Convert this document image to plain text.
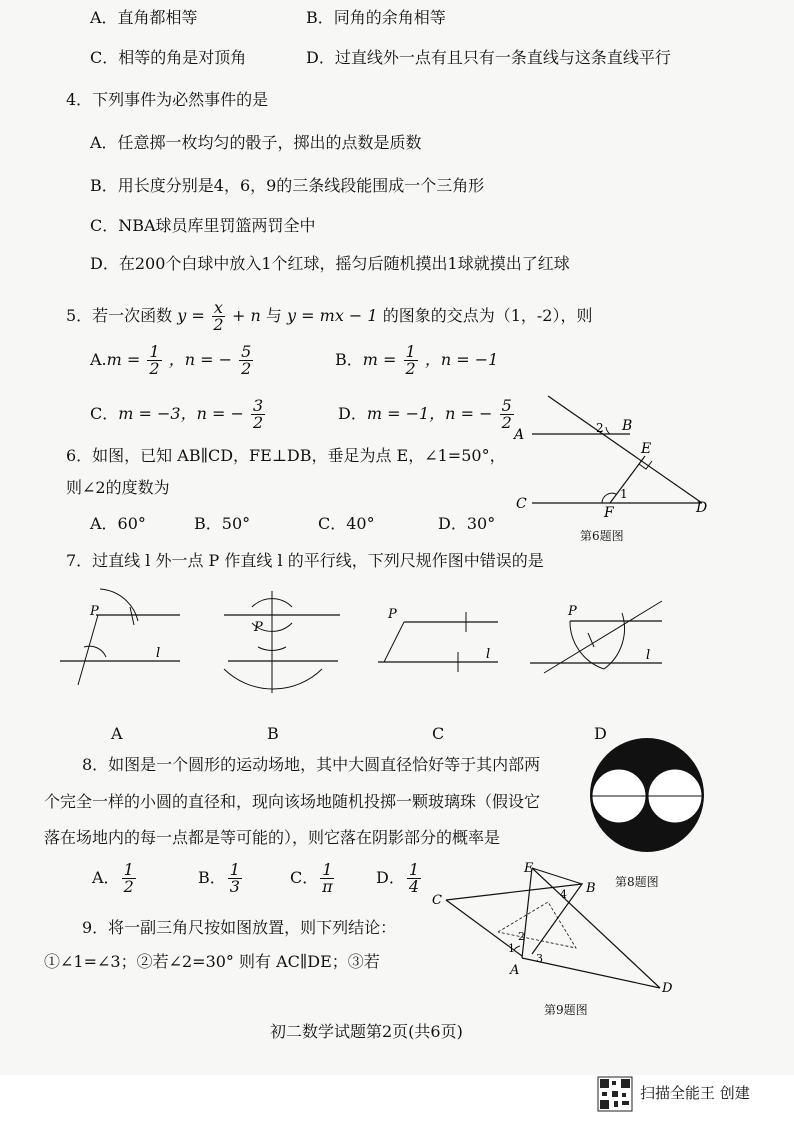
A．直角都相等	B．同角的余角相等
C．相等的角是对顶角	D．过直线外一点有且只有一条直线与这条直线平行
4．下列事件为必然事件的是
A．任意掷一枚均匀的骰子，掷出的点数是质数
B．用长度分别是4，6，9的三条线段能围成一个三角形
C．NBA球员库里罚篮两罚全中
D．在200个白球中放入1个红球，摇匀后随机摸出1球就摸出了红球
5．若一次函数 $y = \frac{x}{2} + n$ 与 y = mx − 1 的图象的交点为（1，-2），则
$A.m = \frac{1}{2}$ ，n = − $\frac{5}{2}$	B．$m = \frac{1}{2}$ ，n = −1
C．m = −3，n = − $\frac{3}{2}$	D．m = −1，n = − $\frac{5}{2}$
6．如图，已知 AB∥CD，FE⊥DB，垂足为点 E，∠1=50°，
则∠2的度数为
A．60°	B．50°	C．40°	D．30°
A
B
C	D
E
F
1
2
第6题图
7．过直线 l 外一点 P 作直线 l 的平行线，下列尺规作图中错误的是
P
l
P
P
l
P
l
A	B	C	D
8．如图是一个圆形的运动场地，其中大圆直径恰好等于其内部两
个完全一样的小圆的直径和，现向该场地随机投掷一颗玻璃珠（假设它
落在场地内的每一点都是等可能的），则它落在阴影部分的概率是
A． $\frac{1}{2}$	B． $\frac{1}{3}$	C． $\frac{1}{\pi}$	D． $\frac{1}{4}$	第8题图
9．将一副三角尺按如图放置，则下列结论：
①∠1=∠3；②若∠2=30° 则有 AC∥DE；③若
C
E
B
D
A
1
2
3
4
第9题图
初二数学试题第2页(共6页)
扫描全能王 创建
